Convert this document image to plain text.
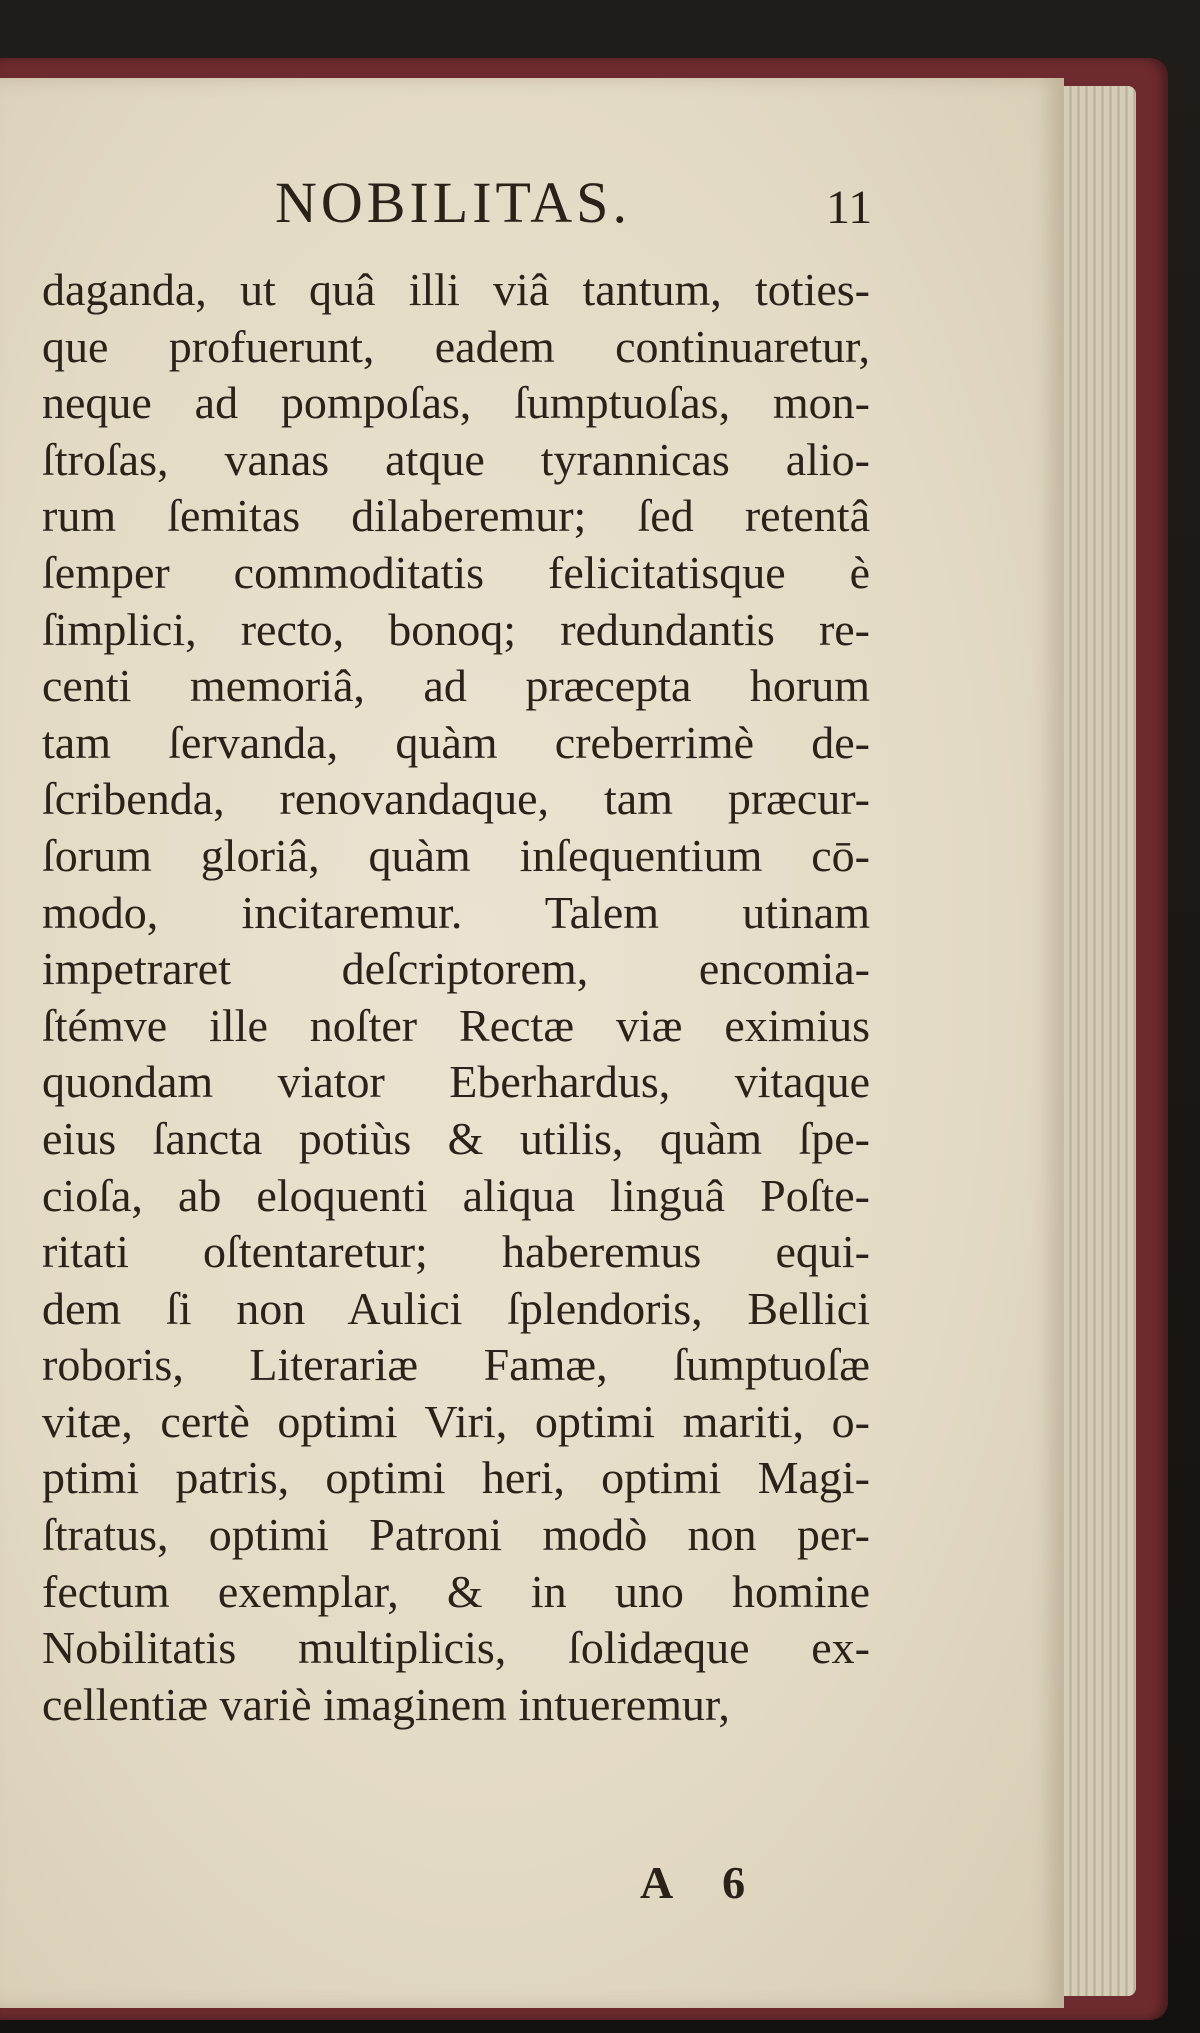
NOBILITAS.	11
daganda, ut quâ illi viâ tantum, toties-
que profuerunt, eadem continuaretur,
neque ad pompoſas, ſumptuoſas, mon-
ſtroſas, vanas atque tyrannicas alio-
rum ſemitas dilaberemur; ſed retentâ
ſemper commoditatis felicitatisque è
ſimplici, recto, bonoq; redundantis re-
centi memoriâ, ad præcepta horum
tam ſervanda, quàm creberrimè de-
ſcribenda, renovandaque, tam præcur-
ſorum gloriâ, quàm inſequentium cō-
modo, incitaremur. Talem utinam
impetraret deſcriptorem, encomia-
ſtémve ille noſter Rectæ viæ eximius
quondam viator Eberhardus, vitaque
eius ſancta potiùs & utilis, quàm ſpe-
cioſa, ab eloquenti aliqua linguâ Poſte-
ritati oſtentaretur; haberemus equi-
dem ſi non Aulici ſplendoris, Bellici
roboris, Literariæ Famæ, ſumptuoſæ
vitæ, certè optimi Viri, optimi mariti, o-
ptimi patris, optimi heri, optimi Magi-
ſtratus, optimi Patroni modò non per-
fectum exemplar, & in uno homine
Nobilitatis multiplicis, ſolidæque ex-
cellentiæ variè imaginem intueremur,
A 6
